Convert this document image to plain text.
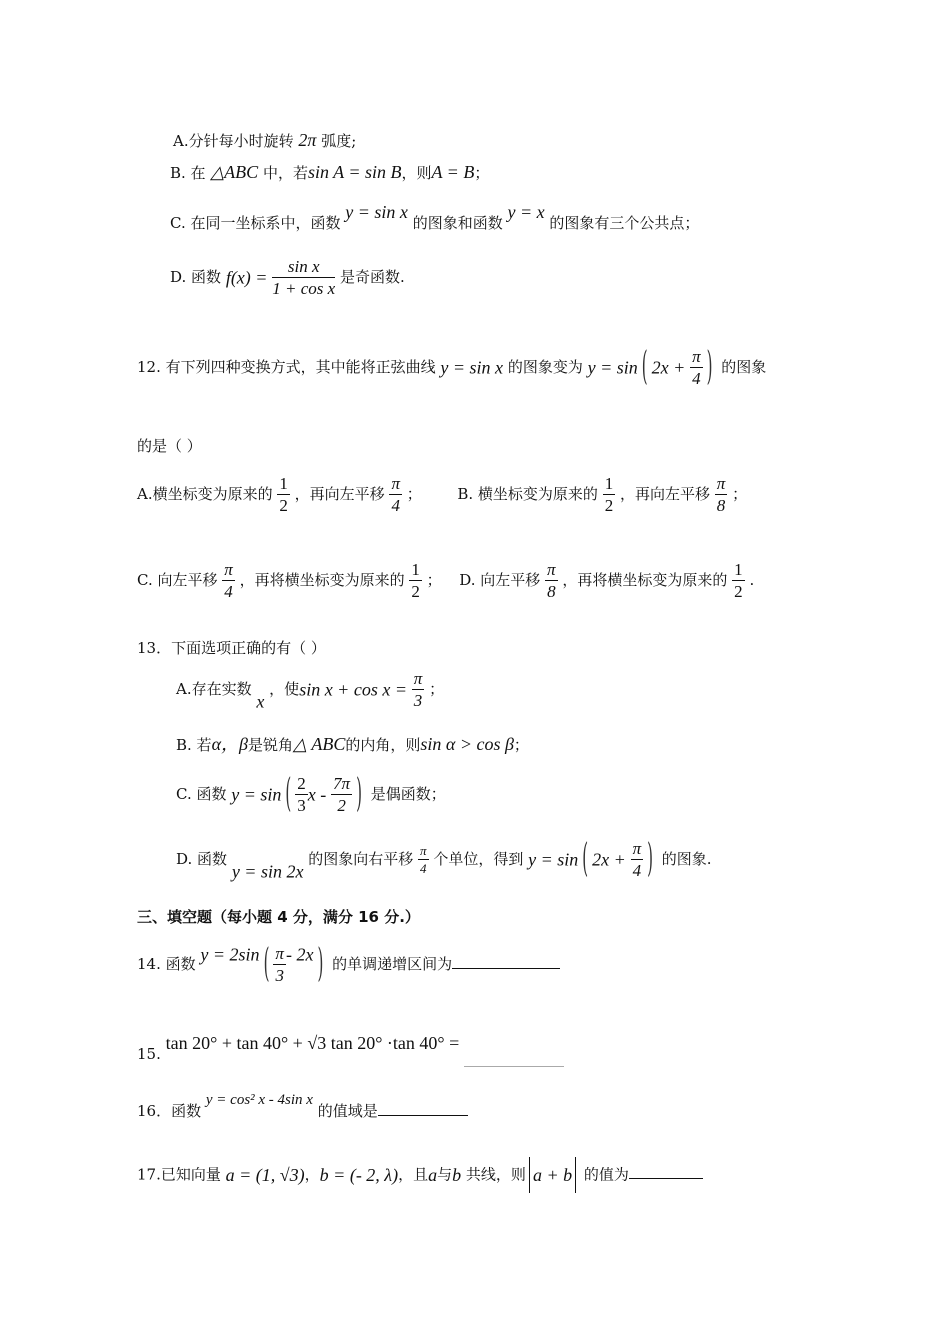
A.分针每小时旋转 2π 弧度;
B. 在 △ABC 中，若sin A = sin B，则A = B；
C. 在同一坐标系中，函数 y = sin x 的图象和函数 y = x 的图象有三个公共点；
D. 函数 $f(x) = \frac{\text{sin x}}{\text{1 + cos x}}$ 是奇函数.
12. 有下列四种变换方式，其中能将正弦曲线 y = sin x 的图象变为 y = sin ( $2x + \frac{\pi}{4}$ ) 的图象
的是（ ）
A.横坐标变为原来的 $\frac{1}{2}$ ，再向左平移 $\frac{\pi}{4}$ ； B. 横坐标变为原来的 $\frac{1}{2}$ ，再向左平移 $\frac{\pi}{8}$ ；
C. 向左平移 $\frac{\pi}{4}$ ，再将横坐标变为原来的 $\frac{1}{2}$ ； D. 向左平移 $\frac{\pi}{8}$ ，再将横坐标变为原来的 $\frac{1}{2}$ .
13．下面选项正确的有（ ）
A.存在实数 x ，使$\sin x + \cos x = \frac{\pi}{3}$ ；
B. 若α，β是锐角△ ABC的内角，则sin α > cos β；
C. 函数 y = sin ( $\frac{2}{3}$ x - $\frac{7\pi}{2}$ ) 是偶函数；
D. 函数 y = sin 2x 的图象向右平移 $\frac{\pi}{4}$ 个单位，得到 y = sin ( $2x + \frac{\pi}{4}$ ) 的图象.
三、填空题（每小题 4 分，满分 16 分.）
14. 函数 y = 2sin ( $\frac{\pi}{3} - 2x$ ) 的单调递增区间为
15. tan 20° + tan 40° + √3 tan 20° ·tan 40° =
16．函数 y = cos² x - 4sin x 的值域是
17.已知向量 a = (1, √3)，b = (- 2, λ)，且a与b 共线，则 a + b 的值为
